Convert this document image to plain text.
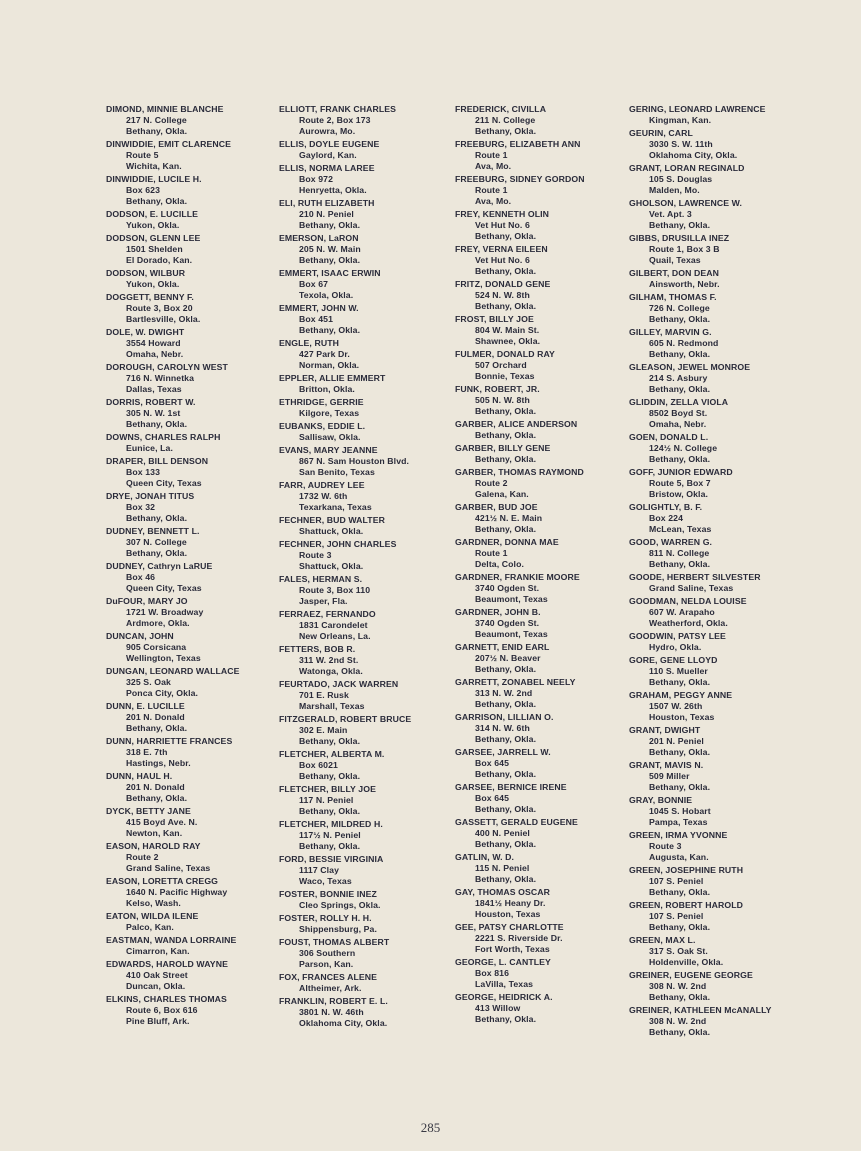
DIMOND, MINNIE BLANCHE
217 N. College
Bethany, Okla.
DINWIDDIE, EMIT CLARENCE
Route 5
Wichita, Kan.
DINWIDDIE, LUCILE H.
Box 623
Bethany, Okla.
DODSON, E. LUCILLE
Yukon, Okla.
DODSON, GLENN LEE
1501 Shelden
El Dorado, Kan.
DODSON, WILBUR
Yukon, Okla.
DOGGETT, BENNY F.
Route 3, Box 20
Bartlesville, Okla.
DOLE, W. DWIGHT
3554 Howard
Omaha, Nebr.
DOROUGH, CAROLYN WEST
716 N. Winnetka
Dallas, Texas
DORRIS, ROBERT W.
305 N. W. 1st
Bethany, Okla.
DOWNS, CHARLES RALPH
Eunice, La.
DRAPER, BILL DENSON
Box 133
Queen City, Texas
DRYE, JONAH TITUS
Box 32
Bethany, Okla.
DUDNEY, BENNETT L.
307 N. College
Bethany, Okla.
DUDNEY, Cathryn LaRUE
Box 46
Queen City, Texas
DuFOUR, MARY JO
1721 W. Broadway
Ardmore, Okla.
DUNCAN, JOHN
905 Corsicana
Wellington, Texas
DUNGAN, LEONARD WALLACE
325 S. Oak
Ponca City, Okla.
DUNN, E. LUCILLE
201 N. Donald
Bethany, Okla.
DUNN, HARRIETTE FRANCES
318 E. 7th
Hastings, Nebr.
DUNN, HAUL H.
201 N. Donald
Bethany, Okla.
DYCK, BETTY JANE
415 Boyd Ave. N.
Newton, Kan.
EASON, HAROLD RAY
Route 2
Grand Saline, Texas
EASON, LORETTA CREGG
1640 N. Pacific Highway
Kelso, Wash.
EATON, WILDA ILENE
Palco, Kan.
EASTMAN, WANDA LORRAINE
Cimarron, Kan.
EDWARDS, HAROLD WAYNE
410 Oak Street
Duncan, Okla.
ELKINS, CHARLES THOMAS
Route 6, Box 616
Pine Bluff, Ark.
ELLIOTT, FRANK CHARLES
Route 2, Box 173
Aurowra, Mo.
ELLIS, DOYLE EUGENE
Gaylord, Kan.
ELLIS, NORMA LAREE
Box 972
Henryetta, Okla.
ELI, RUTH ELIZABETH
210 N. Peniel
Bethany, Okla.
EMERSON, LaRON
205 N. W. Main
Bethany, Okla.
EMMERT, ISAAC ERWIN
Box 67
Texola, Okla.
EMMERT, JOHN W.
Box 451
Bethany, Okla.
ENGLE, RUTH
427 Park Dr.
Norman, Okla.
EPPLER, ALLIE EMMERT
Britton, Okla.
ETHRIDGE, GERRIE
Kilgore, Texas
EUBANKS, EDDIE L.
Sallisaw, Okla.
EVANS, MARY JEANNE
867 N. Sam Houston Blvd.
San Benito, Texas
FARR, AUDREY LEE
1732 W. 6th
Texarkana, Texas
FECHNER, BUD WALTER
Shattuck, Okla.
FECHNER, JOHN CHARLES
Route 3
Shattuck, Okla.
FALES, HERMAN S.
Route 3, Box 110
Jasper, Fla.
FERRAEZ, FERNANDO
1831 Carondelet
New Orleans, La.
FETTERS, BOB R.
311 W. 2nd St.
Watonga, Okla.
FEURTADO, JACK WARREN
701 E. Rusk
Marshall, Texas
FITZGERALD, ROBERT BRUCE
302 E. Main
Bethany, Okla.
FLETCHER, ALBERTA M.
Box 6021
Bethany, Okla.
FLETCHER, BILLY JOE
117 N. Peniel
Bethany, Okla.
FLETCHER, MILDRED H.
117½ N. Peniel
Bethany, Okla.
FORD, BESSIE VIRGINIA
1117 Clay
Waco, Texas
FOSTER, BONNIE INEZ
Cleo Springs, Okla.
FOSTER, ROLLY H. H.
Shippensburg, Pa.
FOUST, THOMAS ALBERT
306 Southern
Parson, Kan.
FOX, FRANCES ALENE
Altheimer, Ark.
FRANKLIN, ROBERT E. L.
3801 N. W. 46th
Oklahoma City, Okla.
FREDERICK, CIVILLA
211 N. College
Bethany, Okla.
FREEBURG, ELIZABETH ANN
Route 1
Ava, Mo.
FREEBURG, SIDNEY GORDON
Route 1
Ava, Mo.
FREY, KENNETH OLIN
Vet Hut No. 6
Bethany, Okla.
FREY, VERNA EILEEN
Vet Hut No. 6
Bethany, Okla.
FRITZ, DONALD GENE
524 N. W. 8th
Bethany, Okla.
FROST, BILLY JOE
804 W. Main St.
Shawnee, Okla.
FULMER, DONALD RAY
507 Orchard
Bonnie, Texas
FUNK, ROBERT, JR.
505 N. W. 8th
Bethany, Okla.
GARBER, ALICE ANDERSON
Bethany, Okla.
GARBER, BILLY GENE
Bethany, Okla.
GARBER, THOMAS RAYMOND
Route 2
Galena, Kan.
GARBER, BUD JOE
421½ N. E. Main
Bethany, Okla.
GARDNER, DONNA MAE
Route 1
Delta, Colo.
GARDNER, FRANKIE MOORE
3740 Ogden St.
Beaumont, Texas
GARDNER, JOHN B.
3740 Ogden St.
Beaumont, Texas
GARNETT, ENID EARL
207½ N. Beaver
Bethany, Okla.
GARRETT, ZONABEL NEELY
313 N. W. 2nd
Bethany, Okla.
GARRISON, LILLIAN O.
314 N. W. 6th
Bethany, Okla.
GARSEE, JARRELL W.
Box 645
Bethany, Okla.
GARSEE, BERNICE IRENE
Box 645
Bethany, Okla.
GASSETT, GERALD EUGENE
400 N. Peniel
Bethany, Okla.
GATLIN, W. D.
115 N. Peniel
Bethany, Okla.
GAY, THOMAS OSCAR
1841½ Heany Dr.
Houston, Texas
GEE, PATSY CHARLOTTE
2221 S. Riverside Dr.
Fort Worth, Texas
GEORGE, L. CANTLEY
Box 816
LaVilla, Texas
GEORGE, HEIDRICK A.
413 Willow
Bethany, Okla.
GERING, LEONARD LAWRENCE
Kingman, Kan.
GEURIN, CARL
3030 S. W. 11th
Oklahoma City, Okla.
GRANT, LORAN REGINALD
105 S. Douglas
Malden, Mo.
GHOLSON, LAWRENCE W.
Vet. Apt. 3
Bethany, Okla.
GIBBS, DRUSILLA INEZ
Route 1, Box 3 B
Quail, Texas
GILBERT, DON DEAN
Ainsworth, Nebr.
GILHAM, THOMAS F.
726 N. College
Bethany, Okla.
GILLEY, MARVIN G.
605 N. Redmond
Bethany, Okla.
GLEASON, JEWEL MONROE
214 S. Asbury
Bethany, Okla.
GLIDDIN, ZELLA VIOLA
8502 Boyd St.
Omaha, Nebr.
GOEN, DONALD L.
124½ N. College
Bethany, Okla.
GOFF, JUNIOR EDWARD
Route 5, Box 7
Bristow, Okla.
GOLIGHTLY, B. F.
Box 224
McLean, Texas
GOOD, WARREN G.
811 N. College
Bethany, Okla.
GOODE, HERBERT SILVESTER
Grand Saline, Texas
GOODMAN, NELDA LOUISE
607 W. Arapaho
Weatherford, Okla.
GOODWIN, PATSY LEE
Hydro, Okla.
GORE, GENE LLOYD
110 S. Mueller
Bethany, Okla.
GRAHAM, PEGGY ANNE
1507 W. 26th
Houston, Texas
GRANT, DWIGHT
201 N. Peniel
Bethany, Okla.
GRANT, MAVIS N.
509 Miller
Bethany, Okla.
GRAY, BONNIE
1045 S. Hobart
Pampa, Texas
GREEN, IRMA YVONNE
Route 3
Augusta, Kan.
GREEN, JOSEPHINE RUTH
107 S. Peniel
Bethany, Okla.
GREEN, ROBERT HAROLD
107 S. Peniel
Bethany, Okla.
GREEN, MAX L.
317 S. Oak St.
Holdenville, Okla.
GREINER, EUGENE GEORGE
308 N. W. 2nd
Bethany, Okla.
GREINER, KATHLEEN McANALLY
308 N. W. 2nd
Bethany, Okla.
285
